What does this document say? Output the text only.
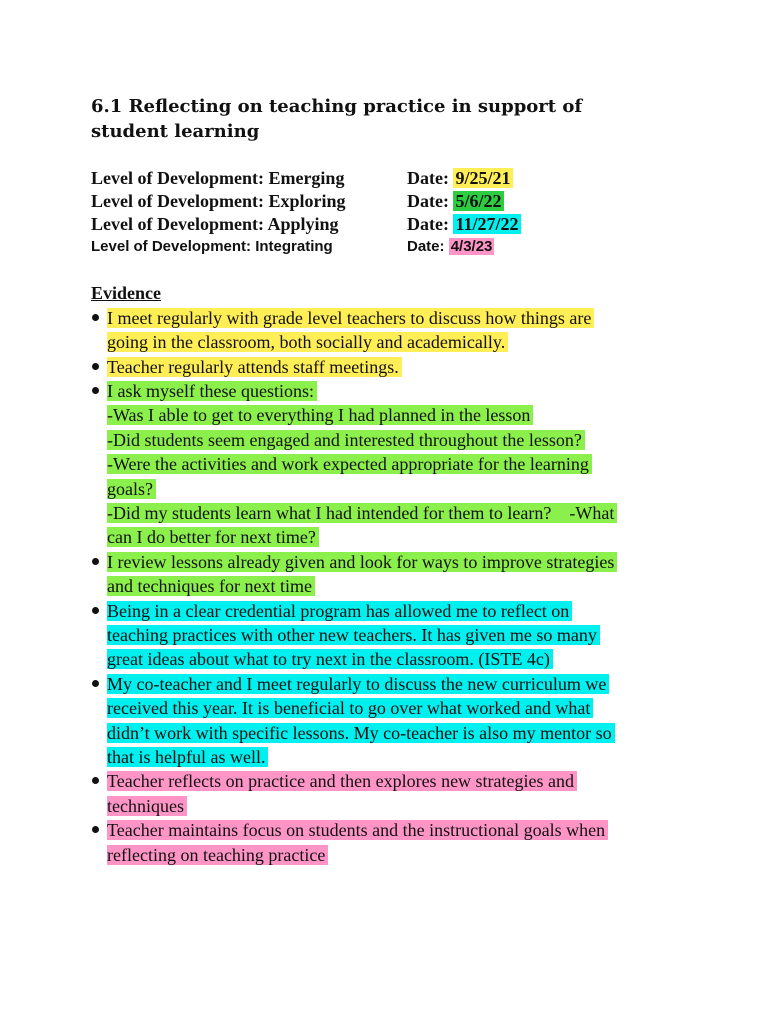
6.1 Reflecting on teaching practice in support of student learning
Level of Development: Emerging	Date: 9/25/21
Level of Development: Exploring	Date: 5/6/22
Level of Development: Applying	Date: 11/27/22
Level of Development: Integrating	Date: 4/3/23
Evidence
I meet regularly with grade level teachers to discuss how things are
going in the classroom, both socially and academically.
Teacher regularly attends staff meetings.
I ask myself these questions:
-Was I able to get to everything I had planned in the lesson
-Did students seem engaged and interested throughout the lesson?
-Were the activities and work expected appropriate for the learning
goals?
-Did my students learn what I had intended for them to learn?    -What
can I do better for next time?
I review lessons already given and look for ways to improve strategies
and techniques for next time
Being in a clear credential program has allowed me to reflect on
teaching practices with other new teachers. It has given me so many
great ideas about what to try next in the classroom. (ISTE 4c)
My co-teacher and I meet regularly to discuss the new curriculum we
received this year. It is beneficial to go over what worked and what
didn’t work with specific lessons. My co-teacher is also my mentor so
that is helpful as well.
Teacher reflects on practice and then explores new strategies and
techniques
Teacher maintains focus on students and the instructional goals when
reflecting on teaching practice
